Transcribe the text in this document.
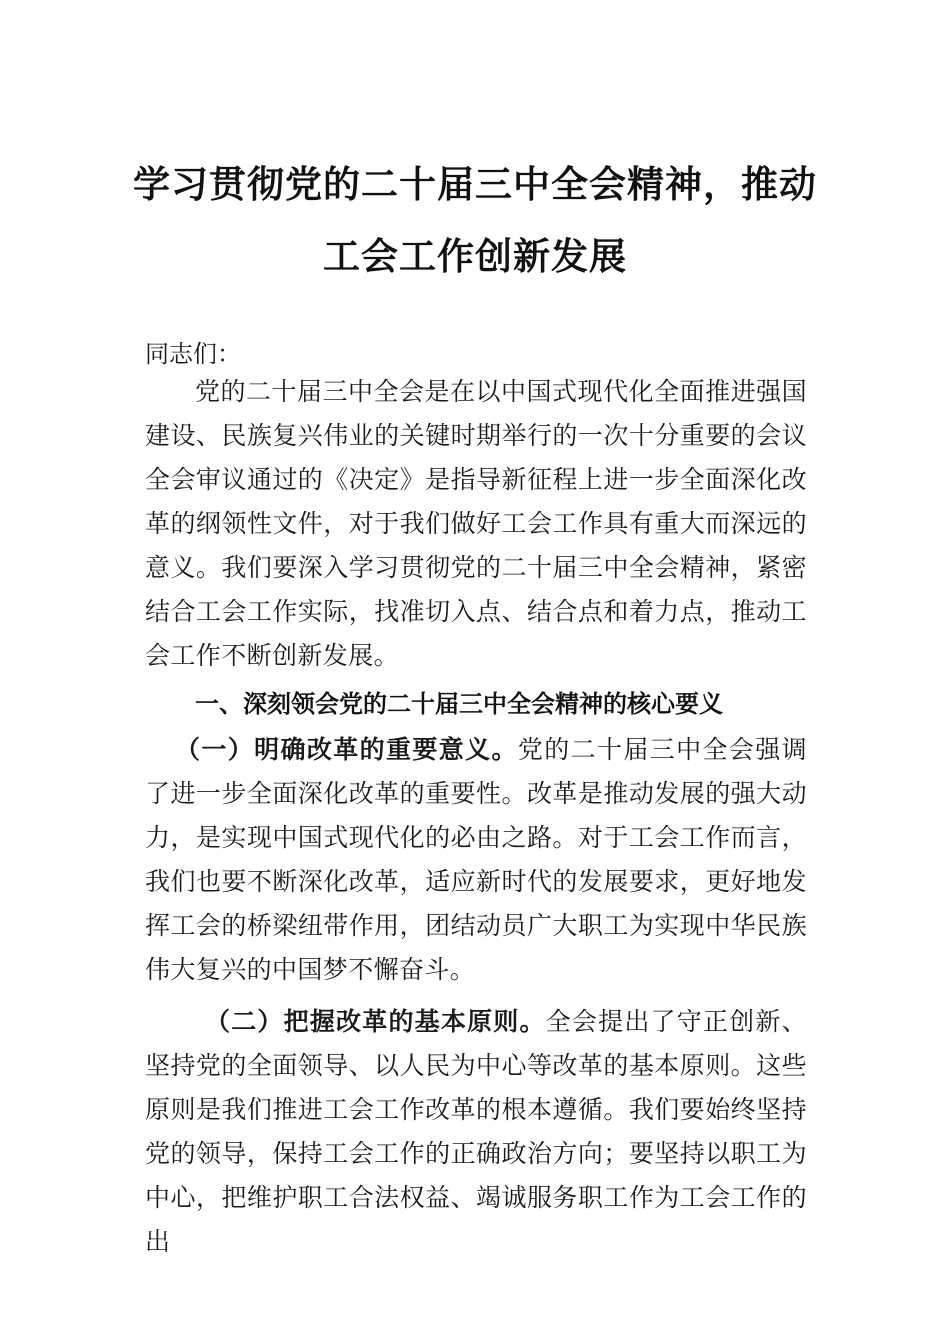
学习贯彻党的二十届三中全会精神，推动
工会工作创新发展
同志们：
党的二十届三中全会是在以中国式现代化全面推进强国建设、民族复兴伟业的关键时期举行的一次十分重要的会议全会审议通过的《决定》是指导新征程上进一步全面深化改革的纲领性文件，对于我们做好工会工作具有重大而深远的意义。我们要深入学习贯彻党的二十届三中全会精神，紧密结合工会工作实际，找准切入点、结合点和着力点，推动工会工作不断创新发展。
一、深刻领会党的二十届三中全会精神的核心要义
（一）明确改革的重要意义。党的二十届三中全会强调了进一步全面深化改革的重要性。改革是推动发展的强大动力，是实现中国式现代化的必由之路。对于工会工作而言，我们也要不断深化改革，适应新时代的发展要求，更好地发挥工会的桥梁纽带作用，团结动员广大职工为实现中华民族伟大复兴的中国梦不懈奋斗。
（二）把握改革的基本原则。全会提出了守正创新、坚持党的全面领导、以人民为中心等改革的基本原则。这些原则是我们推进工会工作改革的根本遵循。我们要始终坚持党的领导，保持工会工作的正确政治方向；要坚持以职工为中心，把维护职工合法权益、竭诚服务职工作为工会工作的出
